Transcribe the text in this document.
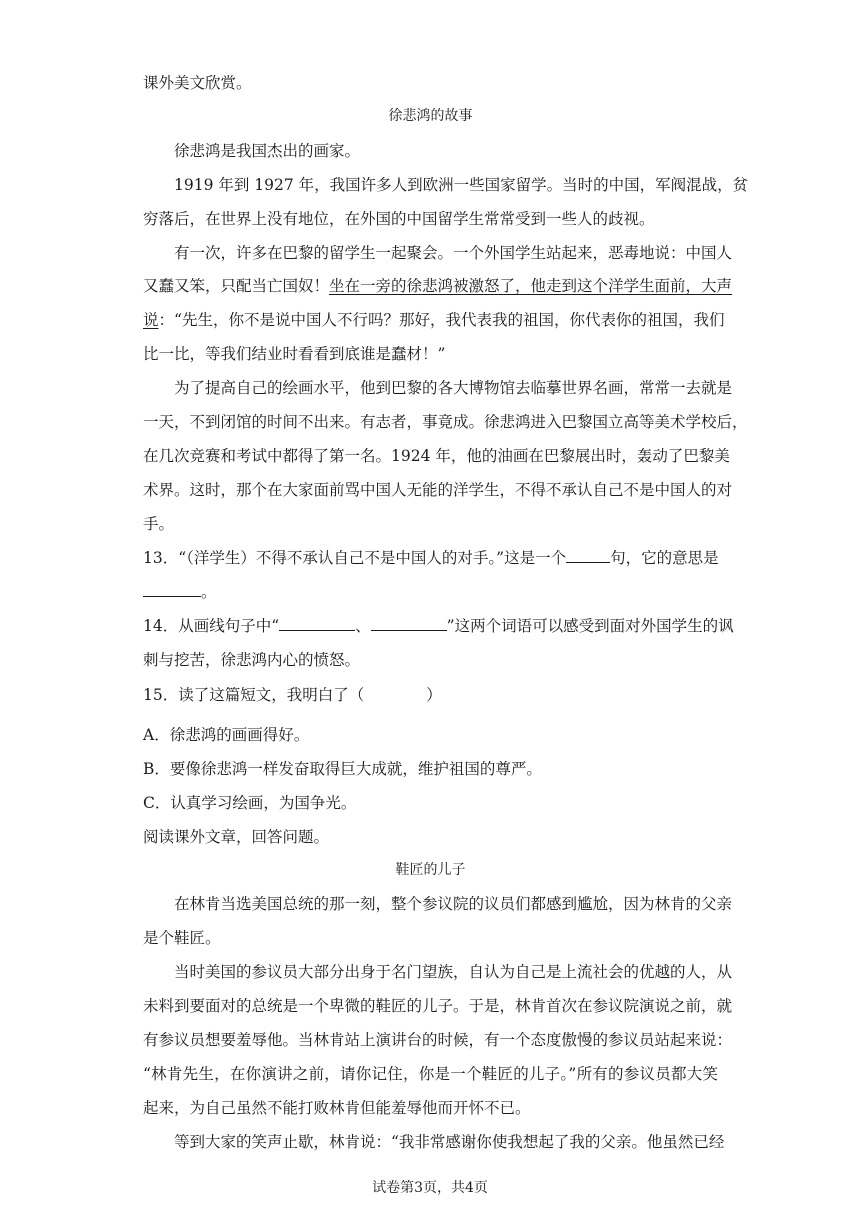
课外美文欣赏。
徐悲鸿的故事
徐悲鸿是我国杰出的画家。
1919 年到 1927 年，我国许多人到欧洲一些国家留学。当时的中国，军阀混战，贫
穷落后，在世界上没有地位，在外国的中国留学生常常受到一些人的歧视。
有一次，许多在巴黎的留学生一起聚会。一个外国学生站起来，恶毒地说：中国人
又蠢又笨，只配当亡国奴！坐在一旁的徐悲鸿被激怒了，他走到这个洋学生面前，大声
说：“先生，你不是说中国人不行吗？那好，我代表我的祖国，你代表你的祖国，我们
比一比，等我们结业时看看到底谁是蠢材！”
为了提高自己的绘画水平，他到巴黎的各大博物馆去临摹世界名画，常常一去就是
一天，不到闭馆的时间不出来。有志者，事竟成。徐悲鸿进入巴黎国立高等美术学校后，
在几次竞赛和考试中都得了第一名。1924 年，他的油画在巴黎展出时，轰动了巴黎美
术界。这时，那个在大家面前骂中国人无能的洋学生，不得不承认自己不是中国人的对
手。
13．“（洋学生）不得不承认自己不是中国人的对手。”这是一个	句，它的意思是
。
14．从画线句子中“	、	”这两个词语可以感受到面对外国学生的讽
刺与挖苦，徐悲鸿内心的愤怒。
15．读了这篇短文，我明白了（　　　　）
A．徐悲鸿的画画得好。
B．要像徐悲鸿一样发奋取得巨大成就，维护祖国的尊严。
C．认真学习绘画，为国争光。
阅读课外文章，回答问题。
鞋匠的儿子
在林肯当选美国总统的那一刻，整个参议院的议员们都感到尴尬，因为林肯的父亲
是个鞋匠。
当时美国的参议员大部分出身于名门望族，自认为自己是上流社会的优越的人，从
未料到要面对的总统是一个卑微的鞋匠的儿子。于是，林肯首次在参议院演说之前，就
有参议员想要羞辱他。当林肯站上演讲台的时候，有一个态度傲慢的参议员站起来说：
“林肯先生，在你演讲之前，请你记住，你是一个鞋匠的儿子。”所有的参议员都大笑
起来，为自己虽然不能打败林肯但能羞辱他而开怀不已。
等到大家的笑声止歇，林肯说：“我非常感谢你使我想起了我的父亲。他虽然已经
试卷第3页，共4页
